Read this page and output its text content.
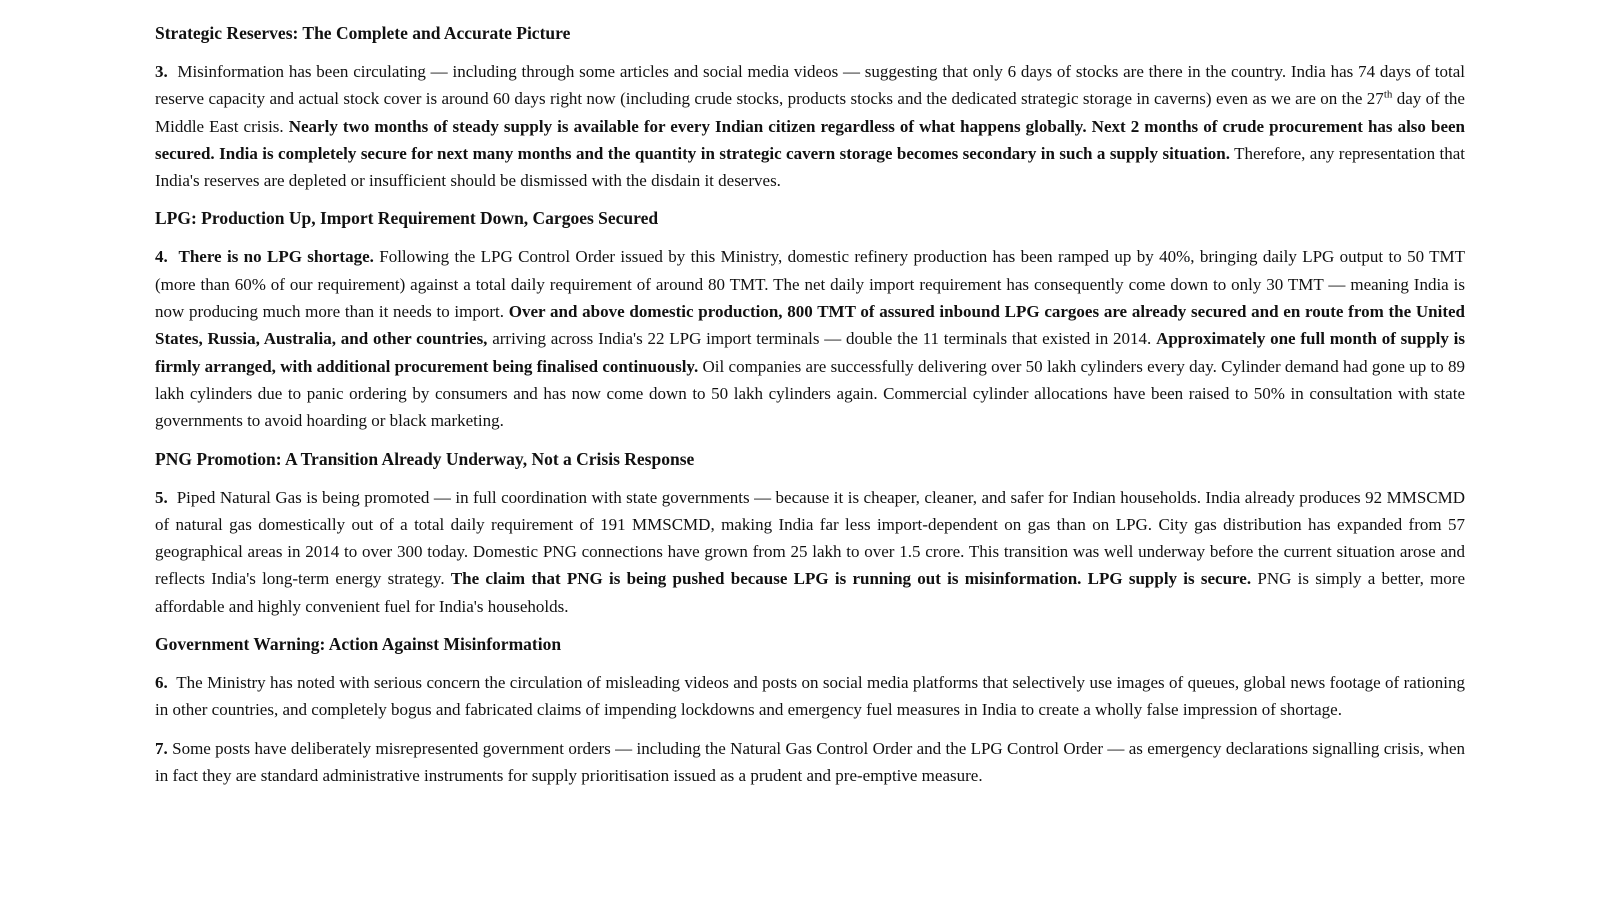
Strategic Reserves: The Complete and Accurate Picture

3. Misinformation has been circulating — including through some articles and social media videos — suggesting that only 6 days of stocks are there in the country. India has 74 days of total reserve capacity and actual stock cover is around 60 days right now (including crude stocks, products stocks and the dedicated strategic storage in caverns) even as we are on the 27th day of the Middle East crisis. Nearly two months of steady supply is available for every Indian citizen regardless of what happens globally. Next 2 months of crude procurement has also been secured. India is completely secure for next many months and the quantity in strategic cavern storage becomes secondary in such a supply situation. Therefore, any representation that India's reserves are depleted or insufficient should be dismissed with the disdain it deserves.

LPG: Production Up, Import Requirement Down, Cargoes Secured

4. There is no LPG shortage. Following the LPG Control Order issued by this Ministry, domestic refinery production has been ramped up by 40%, bringing daily LPG output to 50 TMT (more than 60% of our requirement) against a total daily requirement of around 80 TMT. The net daily import requirement has consequently come down to only 30 TMT — meaning India is now producing much more than it needs to import. Over and above domestic production, 800 TMT of assured inbound LPG cargoes are already secured and en route from the United States, Russia, Australia, and other countries, arriving across India's 22 LPG import terminals — double the 11 terminals that existed in 2014. Approximately one full month of supply is firmly arranged, with additional procurement being finalised continuously. Oil companies are successfully delivering over 50 lakh cylinders every day. Cylinder demand had gone up to 89 lakh cylinders due to panic ordering by consumers and has now come down to 50 lakh cylinders again. Commercial cylinder allocations have been raised to 50% in consultation with state governments to avoid hoarding or black marketing.

PNG Promotion: A Transition Already Underway, Not a Crisis Response

5. Piped Natural Gas is being promoted — in full coordination with state governments — because it is cheaper, cleaner, and safer for Indian households. India already produces 92 MMSCMD of natural gas domestically out of a total daily requirement of 191 MMSCMD, making India far less import-dependent on gas than on LPG. City gas distribution has expanded from 57 geographical areas in 2014 to over 300 today. Domestic PNG connections have grown from 25 lakh to over 1.5 crore. This transition was well underway before the current situation arose and reflects India's long-term energy strategy. The claim that PNG is being pushed because LPG is running out is misinformation. LPG supply is secure. PNG is simply a better, more affordable and highly convenient fuel for India's households.

Government Warning: Action Against Misinformation

6. The Ministry has noted with serious concern the circulation of misleading videos and posts on social media platforms that selectively use images of queues, global news footage of rationing in other countries, and completely bogus and fabricated claims of impending lockdowns and emergency fuel measures in India to create a wholly false impression of shortage.

7. Some posts have deliberately misrepresented government orders — including the Natural Gas Control Order and the LPG Control Order — as emergency declarations signalling crisis, when in fact they are standard administrative instruments for supply prioritisation issued as a prudent and pre-emptive measure.
